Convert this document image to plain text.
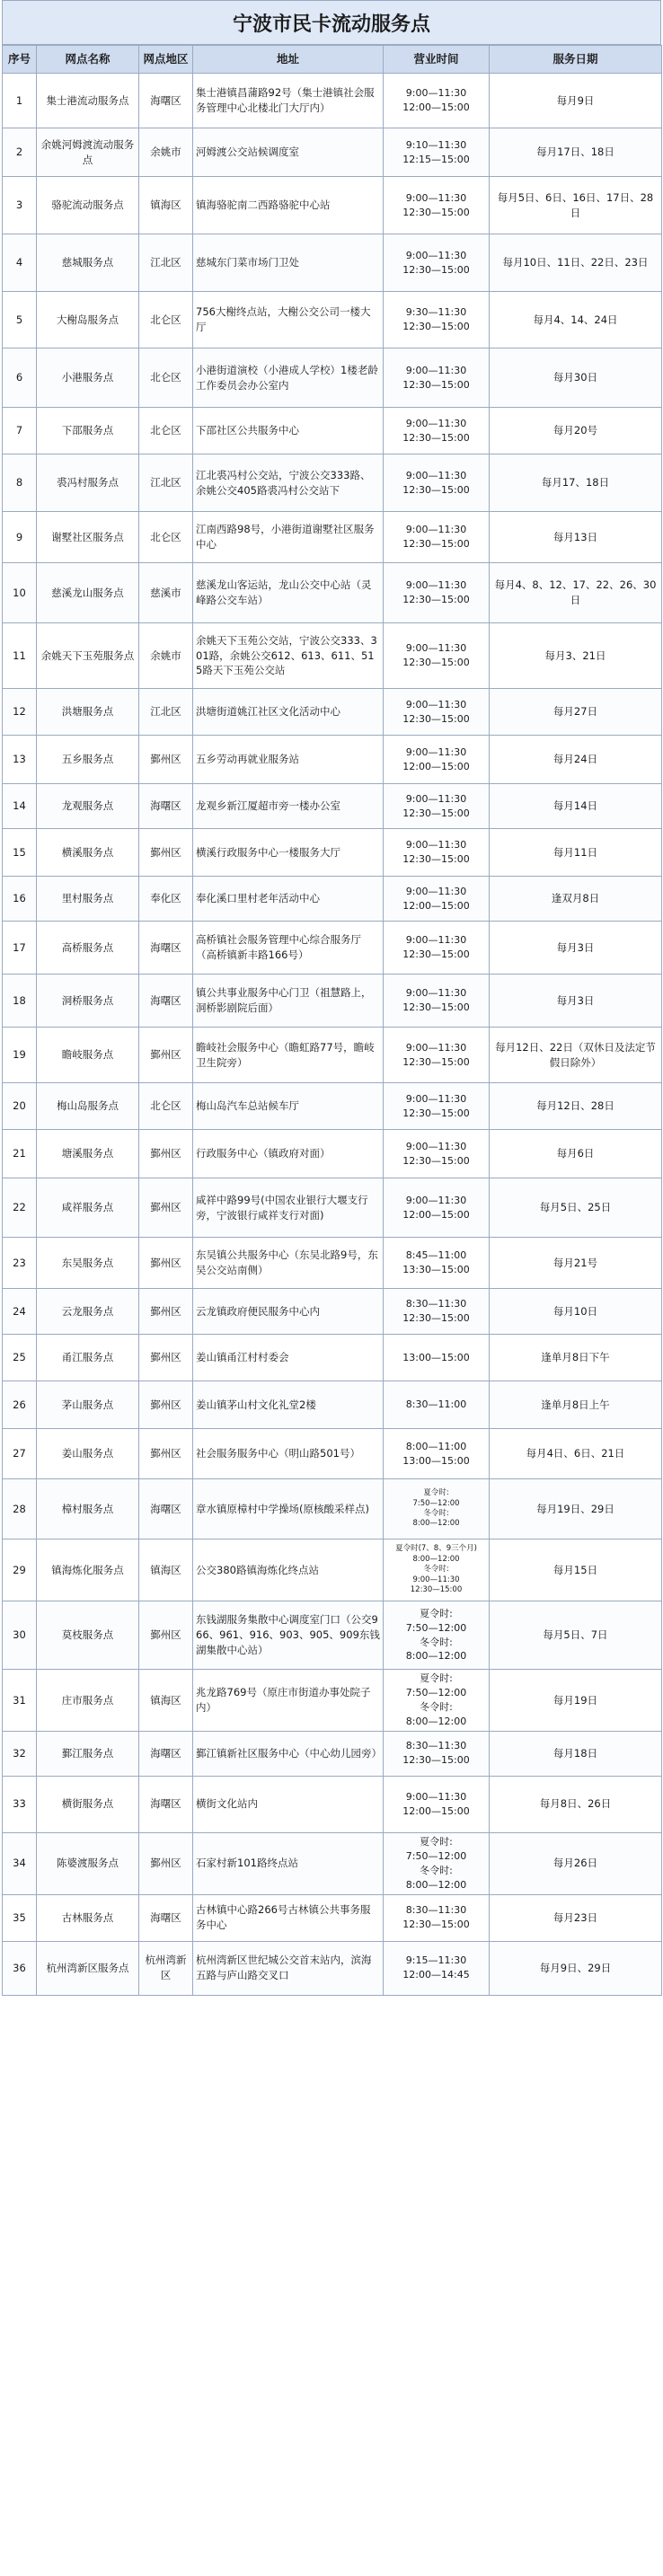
宁波市民卡流动服务点
序号	网点名称	网点地区	地址	营业时间	服务日期
1	集士港流动服务点	海曙区	集士港镇昌蒲路92号（集士港镇社会服务管理中心北楼北门大厅内）	9:00—11:30
12:00—15:00	每月9日
2	余姚河姆渡流动服务点	余姚市	河姆渡公交站候调度室	9:10—11:30
12:15—15:00	每月17日、18日
3	骆驼流动服务点	镇海区	镇海骆驼南二西路骆驼中心站	9:00—11:30
12:30—15:00	每月5日、6日、16日、17日、28日
4	慈城服务点	江北区	慈城东门菜市场门卫处	9:00—11:30
12:30—15:00	每月10日、11日、22日、23日
5	大榭岛服务点	北仑区	756大榭终点站，大榭公交公司一楼大厅	9:30—11:30
12:30—15:00	每月4、14、24日
6	小港服务点	北仑区	小港街道演校（小港成人学校）1楼老龄工作委员会办公室内	9:00—11:30
12:30—15:00	每月30日
7	下邵服务点	北仑区	下邵社区公共服务中心	9:00—11:30
12:30—15:00	每月20号
8	裘冯村服务点	江北区	江北裘冯村公交站，宁波公交333路、余姚公交405路裘冯村公交站下	9:00—11:30
12:30—15:00	每月17、18日
9	谢墅社区服务点	北仑区	江南西路98号，小港街道谢墅社区服务中心	9:00—11:30
12:30—15:00	每月13日
10	慈溪龙山服务点	慈溪市	慈溪龙山客运站，龙山公交中心站（灵峰路公交车站）	9:00—11:30
12:30—15:00	每月4、8、12、17、22、26、30日
11	余姚天下玉苑服务点	余姚市	余姚天下玉苑公交站，宁波公交333、301路，余姚公交612、613、611、515路天下玉苑公交站	9:00—11:30
12:30—15:00	每月3、21日
12	洪塘服务点	江北区	洪塘街道姚江社区文化活动中心	9:00—11:30
12:30—15:00	每月27日
13	五乡服务点	鄞州区	五乡劳动再就业服务站	9:00—11:30
12:00—15:00	每月24日
14	龙观服务点	海曙区	龙观乡新江厦超市旁一楼办公室	9:00—11:30
12:30—15:00	每月14日
15	横溪服务点	鄞州区	横溪行政服务中心一楼服务大厅	9:00—11:30
12:30—15:00	每月11日
16	里村服务点	奉化区	奉化溪口里村老年活动中心	9:00—11:30
12:00—15:00	逢双月8日
17	高桥服务点	海曙区	高桥镇社会服务管理中心综合服务厅（高桥镇新丰路166号）	9:00—11:30
12:30—15:00	每月3日
18	洞桥服务点	海曙区	镇公共事业服务中心门卫（祖慧路上，洞桥影剧院后面）	9:00—11:30
12:30—15:00	每月3日
19	瞻岐服务点	鄞州区	瞻岐社会服务中心（瞻虹路77号，瞻岐卫生院旁）	9:00—11:30
12:30—15:00	每月12日、22日（双休日及法定节假日除外）
20	梅山岛服务点	北仑区	梅山岛汽车总站候车厅	9:00—11:30
12:30—15:00	每月12日、28日
21	塘溪服务点	鄞州区	行政服务中心（镇政府对面）	9:00—11:30
12:30—15:00	每月6日
22	咸祥服务点	鄞州区	咸祥中路99号(中国农业银行大堰支行旁，宁波银行咸祥支行对面)	9:00—11:30
12:00—15:00	每月5日、25日
23	东吴服务点	鄞州区	东吴镇公共服务中心（东吴北路9号，东吴公交站南侧）	8:45—11:00
13:30—15:00	每月21号
24	云龙服务点	鄞州区	云龙镇政府便民服务中心内	8:30—11:30
12:30—15:00	每月10日
25	甬江服务点	鄞州区	姜山镇甬江村村委会	13:00—15:00	逢单月8日下午
26	茅山服务点	鄞州区	姜山镇茅山村文化礼堂2楼	8:30—11:00	逢单月8日上午
27	姜山服务点	鄞州区	社会服务服务中心（明山路501号）	8:00—11:00
13:00—15:00	每月4日、6日、21日
28	樟村服务点	海曙区	章水镇原樟村中学操场(原核酸采样点)	夏令时:
7:50—12:00
冬令时:
8:00—12:00	每月19日、29日
29	镇海炼化服务点	镇海区	公交380路镇海炼化终点站	夏令时(7、8、9三个月)
8:00—12:00
冬令时:
9:00—11:30
12:30—15:00	每月15日
30	莫枝服务点	鄞州区	东钱湖服务集散中心调度室门口（公交966、961、916、903、905、909东钱湖集散中心站）	夏令时:
7:50—12:00
冬令时:
8:00—12:00	每月5日、7日
31	庄市服务点	镇海区	兆龙路769号（原庄市街道办事处院子内）	夏令时:
7:50—12:00
冬令时:
8:00—12:00	每月19日
32	鄞江服务点	海曙区	鄞江镇新社区服务中心（中心幼儿园旁）	8:30—11:30
12:30—15:00	每月18日
33	横街服务点	海曙区	横街文化站内	9:00—11:30
12:00—15:00	每月8日、26日
34	陈婆渡服务点	鄞州区	石家村新101路终点站	夏令时:
7:50—12:00
冬令时:
8:00—12:00	每月26日
35	古林服务点	海曙区	古林镇中心路266号古林镇公共事务服务中心	8:30—11:30
12:30—15:00	每月23日
36	杭州湾新区服务点	杭州湾新区	杭州湾新区世纪城公交首末站内，滨海五路与庐山路交叉口	9:15—11:30
12:00—14:45	每月9日、29日
